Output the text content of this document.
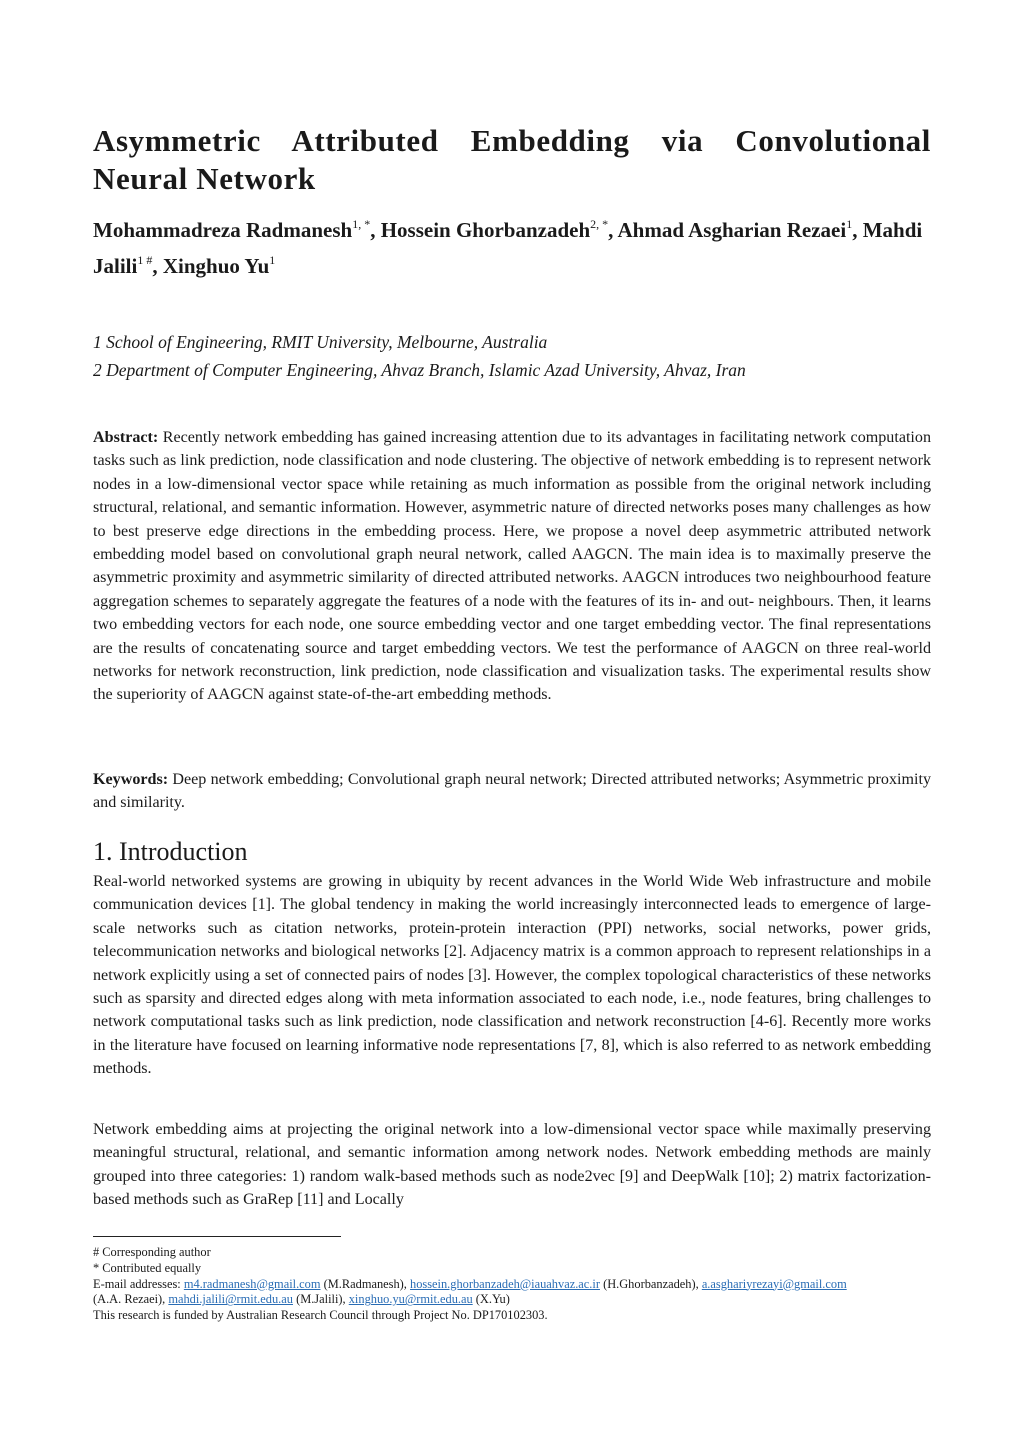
Asymmetric Attributed Embedding via Convolutional Neural Network

Mohammadreza Radmanesh$^{1, *}$, Hossein Ghorbanzadeh$^{2, *}$, Ahmad Asgharian Rezaei$^1$, Mahdi Jalili$^{1 \#}$, Xinghuo Yu$^1$

1 School of Engineering, RMIT University, Melbourne, Australia
2 Department of Computer Engineering, Ahvaz Branch, Islamic Azad University, Ahvaz, Iran

Abstract: Recently network embedding has gained increasing attention due to its advantages in facilitating network computation tasks such as link prediction, node classification and node clustering. The objective of network embedding is to represent network nodes in a low-dimensional vector space while retaining as much information as possible from the original network including structural, relational, and semantic information. However, asymmetric nature of directed networks poses many challenges as how to best preserve edge directions in the embedding process. Here, we propose a novel deep asymmetric attributed network embedding model based on convolutional graph neural network, called AAGCN. The main idea is to maximally preserve the asymmetric proximity and asymmetric similarity of directed attributed networks. AAGCN introduces two neighbourhood feature aggregation schemes to separately aggregate the features of a node with the features of its in- and out- neighbours. Then, it learns two embedding vectors for each node, one source embedding vector and one target embedding vector. The final representations are the results of concatenating source and target embedding vectors. We test the performance of AAGCN on three real-world networks for network reconstruction, link prediction, node classification and visualization tasks. The experimental results show the superiority of AAGCN against state-of-the-art embedding methods.

Keywords: Deep network embedding; Convolutional graph neural network; Directed attributed networks; Asymmetric proximity and similarity.

1. Introduction

Real-world networked systems are growing in ubiquity by recent advances in the World Wide Web infrastructure and mobile communication devices [1]. The global tendency in making the world increasingly interconnected leads to emergence of large-scale networks such as citation networks, protein-protein interaction (PPI) networks, social networks, power grids, telecommunication networks and biological networks [2]. Adjacency matrix is a common approach to represent relationships in a network explicitly using a set of connected pairs of nodes [3]. However, the complex topological characteristics of these networks such as sparsity and directed edges along with meta information associated to each node, i.e., node features, bring challenges to network computational tasks such as link prediction, node classification and network reconstruction [4-6]. Recently more works in the literature have focused on learning informative node representations [7, 8], which is also referred to as network embedding methods.

Network embedding aims at projecting the original network into a low-dimensional vector space while maximally preserving meaningful structural, relational, and semantic information among network nodes. Network embedding methods are mainly grouped into three categories: 1) random walk-based methods such as node2vec [9] and DeepWalk [10]; 2) matrix factorization-based methods such as GraRep [11] and Locally

# Corresponding author
* Contributed equally
E-mail addresses: m4.radmanesh@gmail.com (M.Radmanesh), hossein.ghorbanzadeh@iauahvaz.ac.ir (H.Ghorbanzadeh), a.asghariyrezayi@gmail.com
(A.A. Rezaei), mahdi.jalili@rmit.edu.au (M.Jalili), xinghuo.yu@rmit.edu.au (X.Yu)
This research is funded by Australian Research Council through Project No. DP170102303.
